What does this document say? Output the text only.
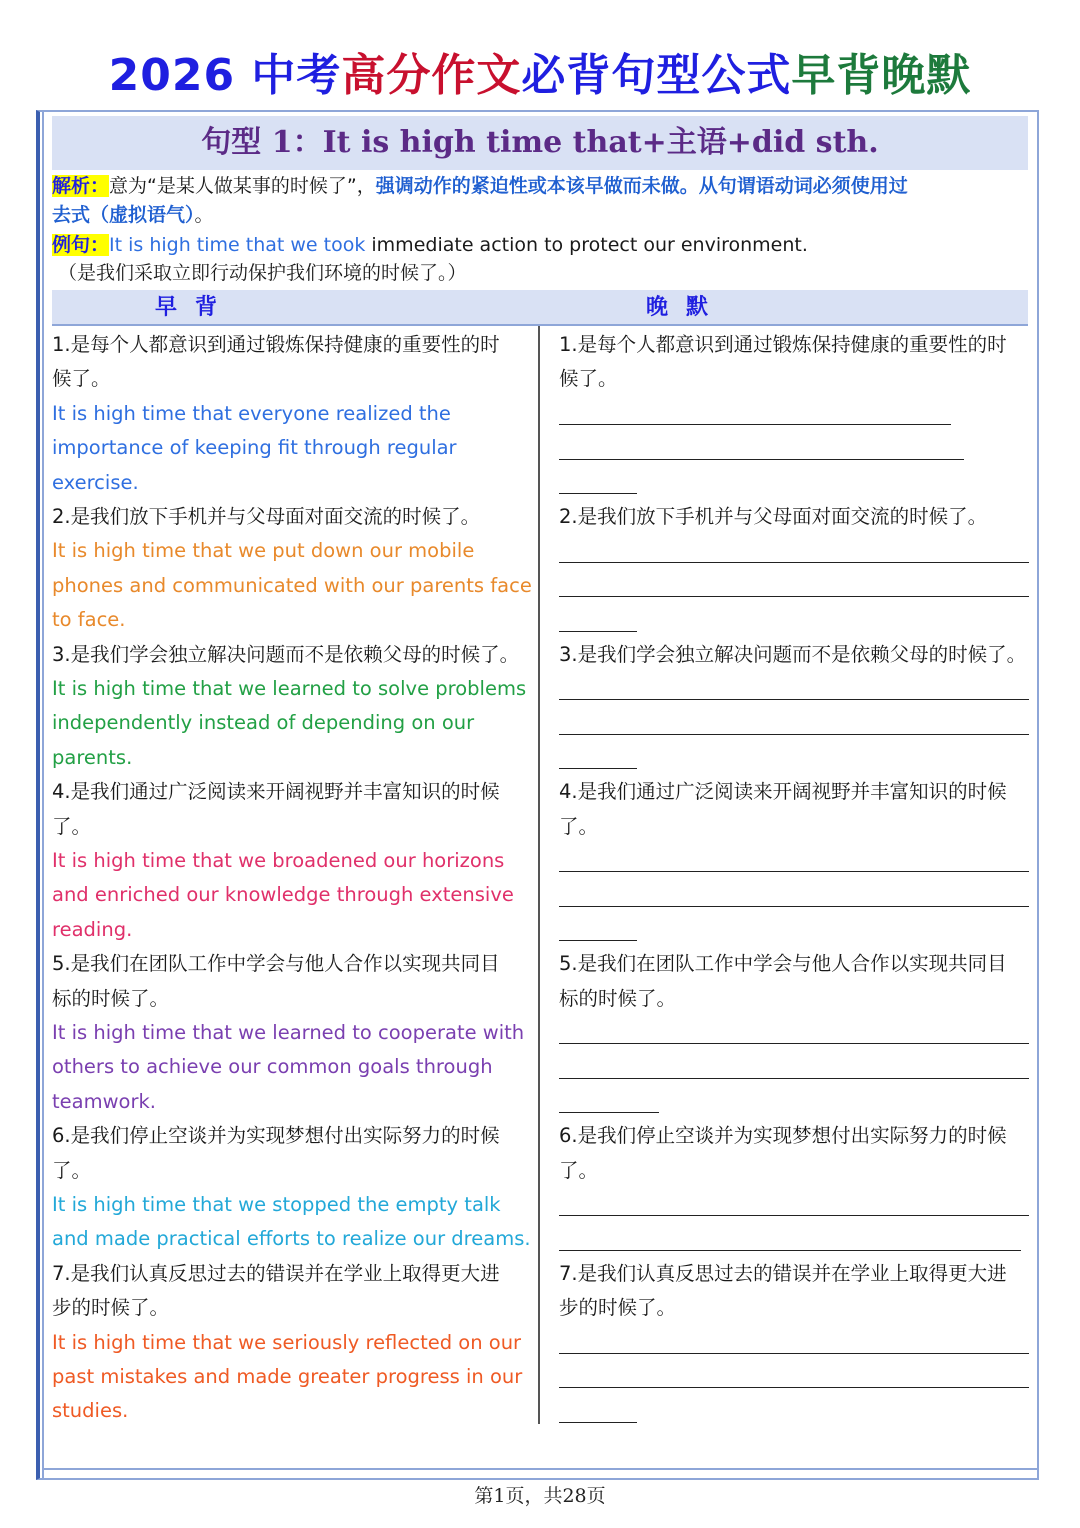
2026 中考高分作文必背句型公式早背晚默
句型 1：It is high time that+主语+did sth.
解析：意为“是某人做某事的时候了”，强调动作的紧迫性或本该早做而未做。从句谓语动词必须使用过
去式（虚拟语气）。
例句：It is high time that we took immediate action to protect our environment.
（是我们采取立即行动保护我们环境的时候了。）
早背	晚默
1.是每个人都意识到通过锻炼保持健康的重要性的时	1.是每个人都意识到通过锻炼保持健康的重要性的时
候了。	候了。
It is high time that everyone realized the
importance of keeping fit through regular
exercise.
2.是我们放下手机并与父母面对面交流的时候了。	2.是我们放下手机并与父母面对面交流的时候了。
It is high time that we put down our mobile
phones and communicated with our parents face
to face.
3.是我们学会独立解决问题而不是依赖父母的时候了。 3.是我们学会独立解决问题而不是依赖父母的时候了。
It is high time that we learned to solve problems
independently instead of depending on our
parents.
4.是我们通过广泛阅读来开阔视野并丰富知识的时候	4.是我们通过广泛阅读来开阔视野并丰富知识的时候
了。	了。
It is high time that we broadened our horizons
and enriched our knowledge through extensive
reading.
5.是我们在团队工作中学会与他人合作以实现共同目	5.是我们在团队工作中学会与他人合作以实现共同目
标的时候了。	标的时候了。
It is high time that we learned to cooperate with
others to achieve our common goals through
teamwork.
6.是我们停止空谈并为实现梦想付出实际努力的时候	6.是我们停止空谈并为实现梦想付出实际努力的时候
了。	了。
It is high time that we stopped the empty talk
and made practical efforts to realize our dreams.
7.是我们认真反思过去的错误并在学业上取得更大进	7.是我们认真反思过去的错误并在学业上取得更大进
步的时候了。	步的时候了。
It is high time that we seriously reflected on our
past mistakes and made greater progress in our
studies.
第1页，共28页
